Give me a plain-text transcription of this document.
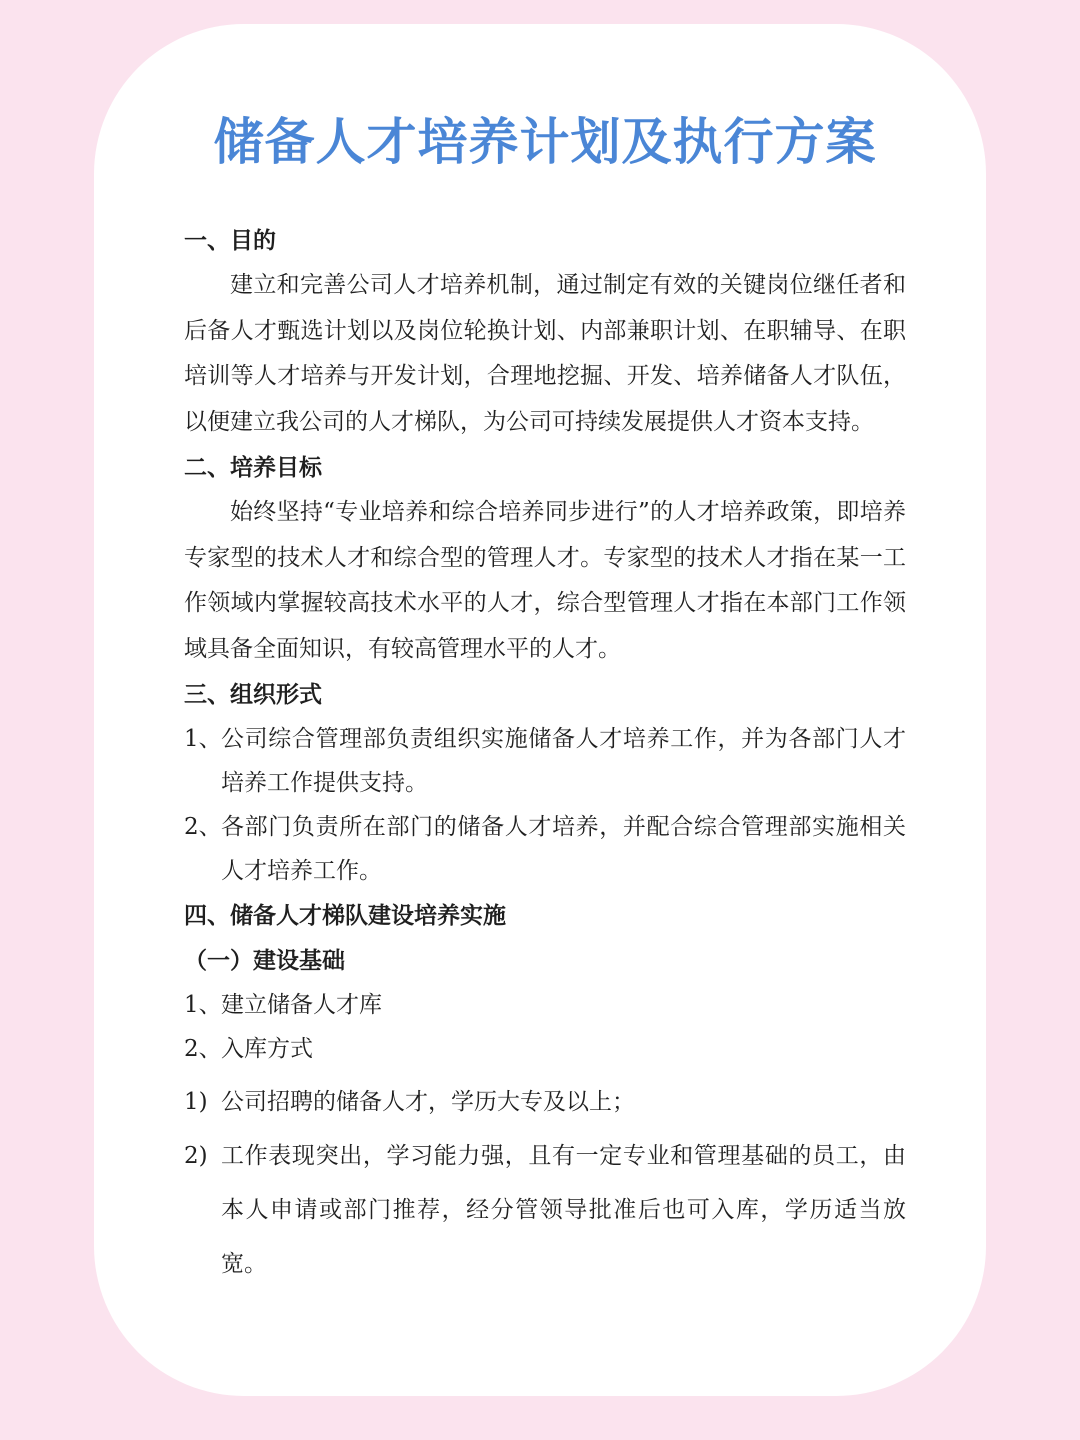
储备人才培养计划及执行方案

一、目的

建立和完善公司人才培养机制，通过制定有效的关键岗位继任者和后备人才甄选计划以及岗位轮换计划、内部兼职计划、在职辅导、在职培训等人才培养与开发计划，合理地挖掘、开发、培养储备人才队伍，以便建立我公司的人才梯队，为公司可持续发展提供人才资本支持。

二、培养目标

始终坚持“专业培养和综合培养同步进行”的人才培养政策，即培养专家型的技术人才和综合型的管理人才。专家型的技术人才指在某一工作领域内掌握较高技术水平的人才，综合型管理人才指在本部门工作领域具备全面知识，有较高管理水平的人才。

三、组织形式

1、 公司综合管理部负责组织实施储备人才培养工作，并为各部门人才培养工作提供支持。
2、 各部门负责所在部门的储备人才培养，并配合综合管理部实施相关人才培养工作。

四、储备人才梯队建设培养实施

（一）建设基础

1、 建立储备人才库
2、 入库方式
1) 公司招聘的储备人才，学历大专及以上；
2) 工作表现突出，学习能力强，且有一定专业和管理基础的员工，由本人申请或部门推荐，经分管领导批准后也可入库，学历适当放宽。
